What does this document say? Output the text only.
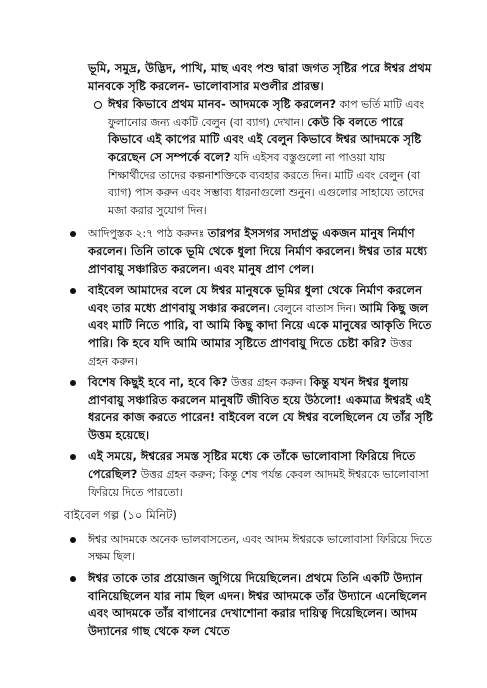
ভূমি, সমুদ্র, উদ্ভিদ, পাখি, মাছ এবং পশু দ্বারা জগত সৃষ্টির পরে ঈশ্বর প্রথম মানবকে সৃষ্টি করলেন- ভালোবাসার মণ্ডলীর প্রারম্ভ।

ঈশ্বর কিভাবে প্রথম মানব- আদমকে সৃষ্টি করলেন? কাপ ভর্তি মাটি এবং ফুলানোর জন্য একটি বেলুন (বা ব্যাগ) দেখান। কেউ কি বলতে পারে কিভাবে এই কাপের মাটি এবং এই বেলুন কিভাবে ঈশ্বর আদমকে সৃষ্টি করেছেন সে সম্পর্কে বলে? যদি এইসব বস্তুগুলো না পাওয়া যায় শিক্ষার্থীদের তাদের কল্পনাশক্তিকে ব্যবহার করতে দিন। মাটি এবং বেলুন (বা ব্যাগ) পাস করুন এবং সম্ভাব্য ধারনাগুলো শুনুন। এগুলোর সাহায্যে তাদের মজা করার সুযোগ দিন।
আদিপুস্তক ২:৭ পাঠ করুনঃ তারপর ইসসগর সদাপ্রভু একজন মানুষ নির্মাণ করলেন। তিনি তাকে ভূমি থেকে ধুলা দিয়ে নির্মাণ করলেন। ঈশ্বর তার মধ্যে প্রাণবায়ু সঞ্চারিত করলেন। এবং মানুষ প্রাণ পেল।
বাইবেল আমাদের বলে যে ঈশ্বর মানুষকে ভূমির ধুলা থেকে নির্মাণ করলেন এবং তার মধ্যে প্রাণবায়ু সঞ্চার করলেন। বেলুনে বাতাস দিন। আমি কিছু জল এবং মাটি নিতে পারি, বা আমি কিছু কাদা নিয়ে একে মানুষের আকৃতি দিতে পারি। কি হবে যদি আমি আমার সৃষ্টিতে প্রাণবায়ু দিতে চেষ্টা করি? উত্তর গ্রহন করুন।
বিশেষ কিছুই হবে না, হবে কি? উত্তর গ্রহন করুন। কিন্তু যখন ঈশ্বর ধুলায় প্রাণবায়ু সঞ্চারিত করলেন মানুষটি জীবিত হয়ে উঠলো! একমাত্র ঈশ্বরই এই ধরনের কাজ করতে পারেন! বাইবেল বলে যে ঈশ্বর বলেছিলেন যে তাঁর সৃষ্টি উত্তম হয়েছে।
এই সময়ে, ঈশ্বরের সমস্ত সৃষ্টির মধ্যে কে তাঁকে ভালোবাসা ফিরিয়ে দিতে পেরেছিল? উত্তর গ্রহন করুন; কিন্তু শেষ পর্যন্ত কেবল আদমই ঈশ্বরকে ভালোবাসা ফিরিয়ে দিতে পারতো।

বাইবেল গল্প (১০ মিনিট)

ঈশ্বর আদমকে অনেক ভালবাসতেন, এবং আদম ঈশ্বরকে ভালোবাসা ফিরিয়ে দিতে সক্ষম ছিল।
ঈশ্বর তাকে তার প্রয়োজন জুগিয়ে দিয়েছিলেন। প্রথমে তিনি একটি উদ্যান বানিয়েছিলেন যার নাম ছিল এদন। ঈশ্বর আদমকে তাঁর উদ্যানে এনেছিলেন এবং আদমকে তাঁর বাগানের দেখাশোনা করার দায়িত্ব দিয়েছিলেন। আদম উদ্যানের গাছ থেকে ফল খেতে
